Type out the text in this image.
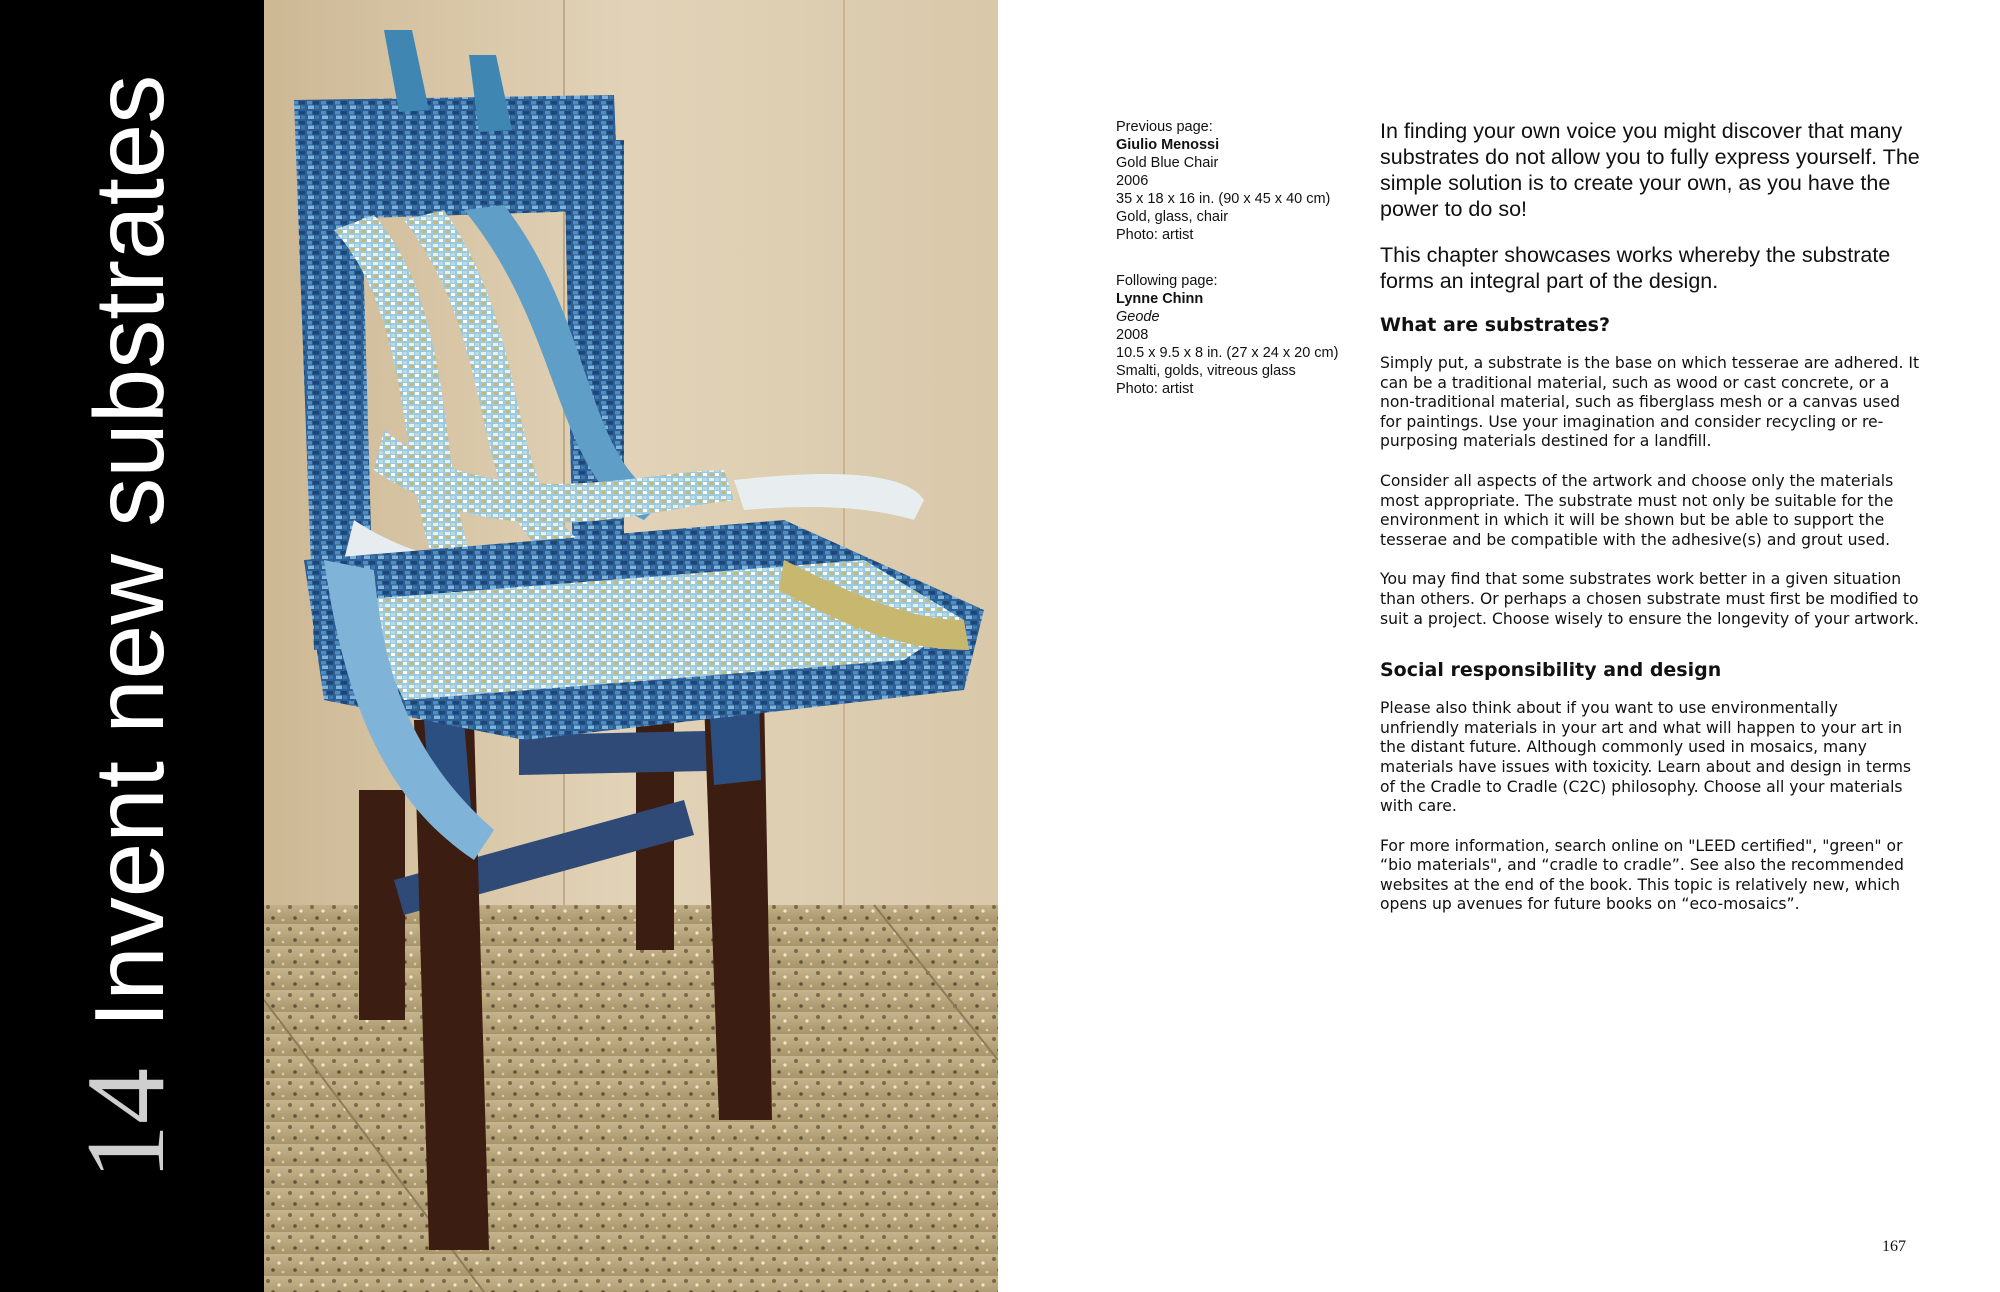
14Invent new substrates	Previous page:
Giulio Menossi
Gold Blue Chair
2006
35 x 18 x 16 in. (90 x 45 x 40 cm)
Gold, glass, chair
Photo: artist
Following page:
Lynne Chinn
Geode
2008
10.5 x 9.5 x 8 in. (27 x 24 x 20 cm)
Smalti, golds, vitreous glass
Photo: artist

In finding your own voice you might discover that many substrates do not allow you to fully express yourself. The simple solution is to create your own, as you have the power to do so!

This chapter showcases works whereby the substrate forms an integral part of the design.

What are substrates?

Simply put, a substrate is the base on which tesserae are adhered. It can be a traditional material, such as wood or cast concrete, or a non-traditional material, such as fiberglass mesh or a canvas used for paintings. Use your imagination and consider recycling or re-purposing materials destined for a landfill.

Consider all aspects of the artwork and choose only the materials most appropriate. The substrate must not only be suitable for the environment in which it will be shown but be able to support the tesserae and be compatible with the adhesive(s) and grout used.

You may find that some substrates work better in a given situation than others. Or perhaps a chosen substrate must first be modified to suit a project. Choose wisely to ensure the longevity of your artwork.

Social responsibility and design

Please also think about if you want to use environmentally unfriendly materials in your art and what will happen to your art in the distant future. Although commonly used in mosaics, many materials have issues with toxicity. Learn about and design in terms of the Cradle to Cradle (C2C) philosophy. Choose all your materials with care.

For more information, search online on "LEED certified", "green" or “bio materials", and “cradle to cradle”. See also the recommended websites at the end of the book. This topic is relatively new, which opens up avenues for future books on “eco-mosaics”.

167
